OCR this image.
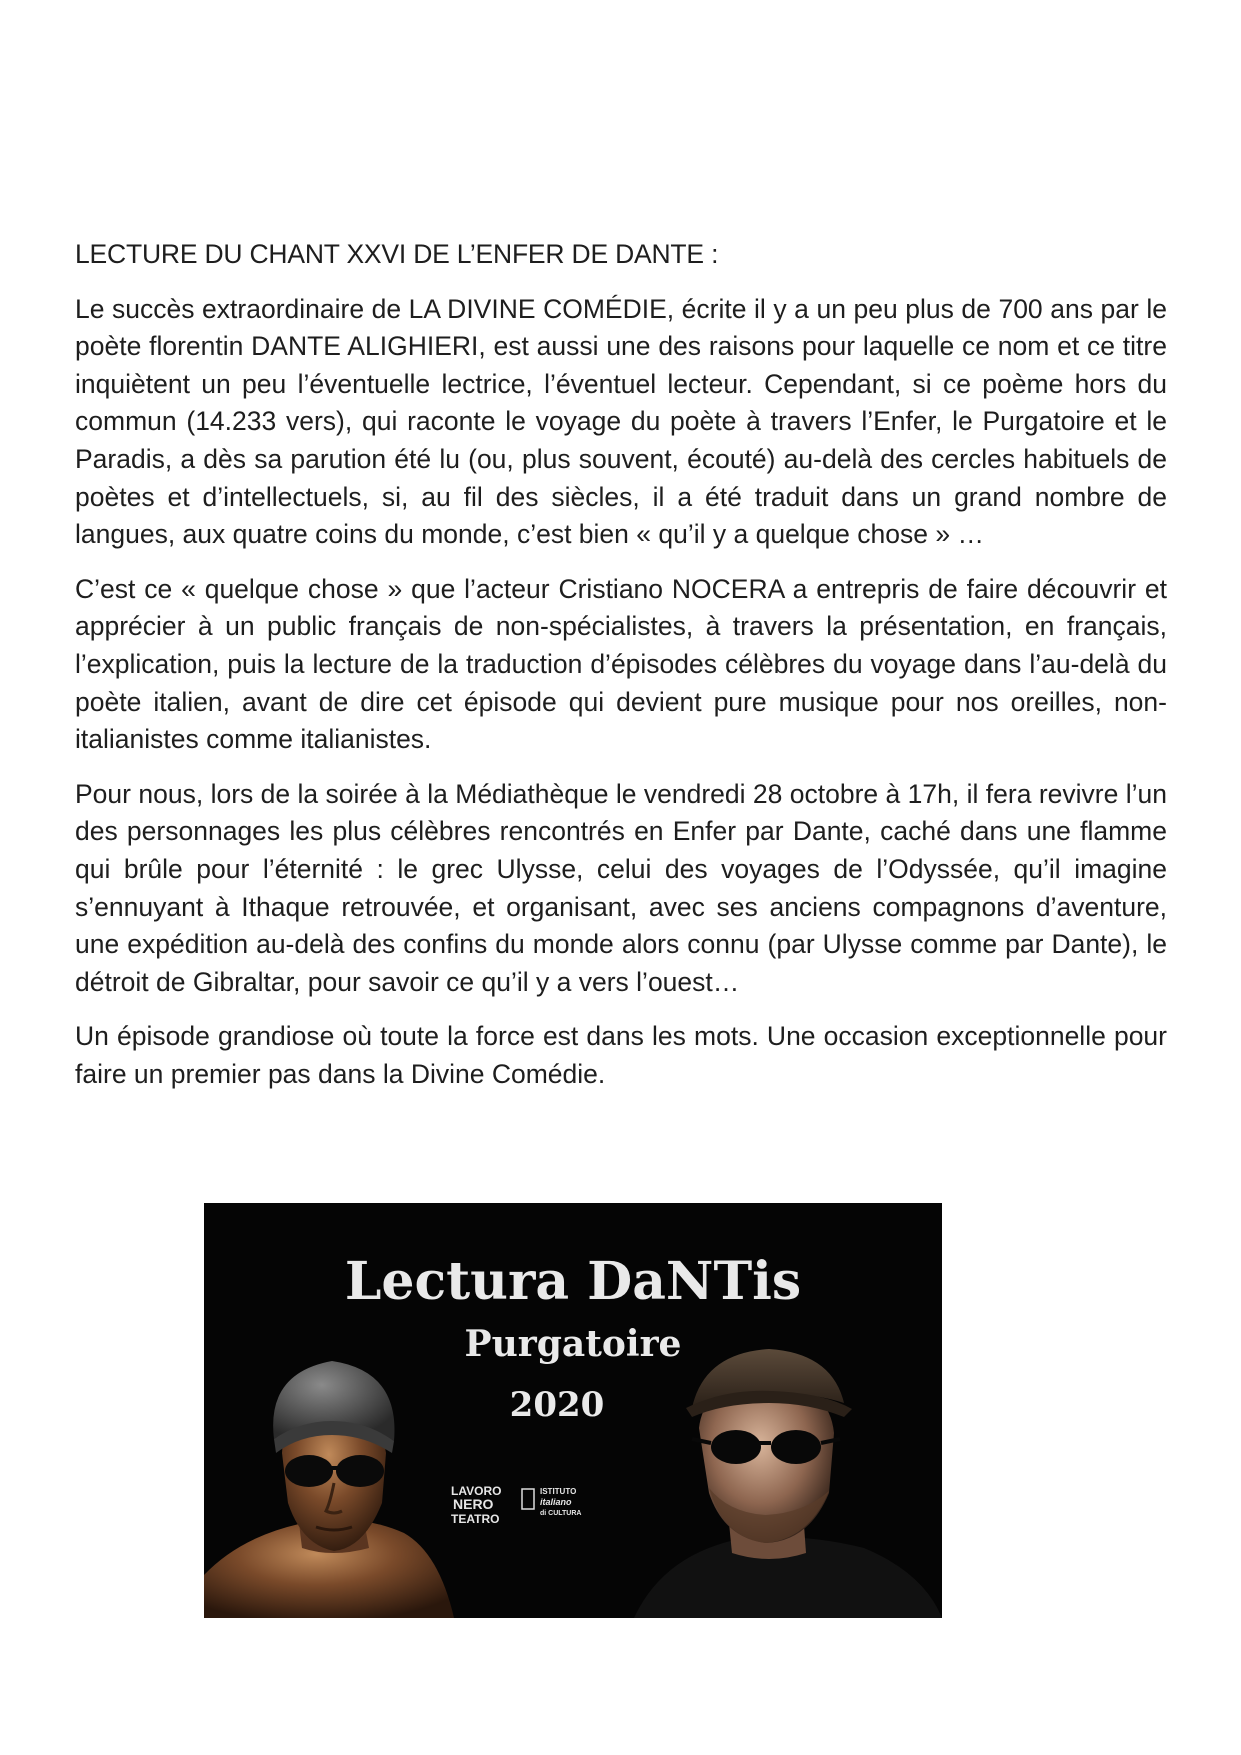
LECTURE DU CHANT XXVI DE L’ENFER DE DANTE :

Le succès extraordinaire de LA DIVINE COMÉDIE, écrite il y a un peu plus de 700 ans par le poète florentin DANTE ALIGHIERI, est aussi une des raisons pour laquelle ce nom et ce titre inquiètent un peu l’éventuelle lectrice, l’éventuel lecteur. Cependant, si ce poème hors du commun (14.233 vers), qui raconte le voyage du poète à travers l’Enfer, le Purgatoire et le Paradis, a dès sa parution été lu (ou, plus souvent, écouté) au-delà des cercles habituels de poètes et d’intellectuels, si, au fil des siècles, il a été traduit dans un grand nombre de langues, aux quatre coins du monde, c’est bien « qu’il y a quelque chose » …

C’est ce « quelque chose » que l’acteur Cristiano NOCERA a entrepris de faire découvrir et apprécier à un public français de non-spécialistes, à travers la présentation, en français, l’explication, puis la lecture de la traduction d’épisodes célèbres du voyage dans l’au-delà du poète italien, avant de dire cet épisode qui devient pure musique pour nos oreilles, non-italianistes comme italianistes.

Pour nous, lors de la soirée à la Médiathèque le vendredi 28 octobre à 17h, il fera revivre l’un des personnages les plus célèbres rencontrés en Enfer par Dante, caché dans une flamme qui brûle pour l’éternité : le grec Ulysse, celui des voyages de l’Odyssée, qu’il imagine s’ennuyant à Ithaque retrouvée, et organisant, avec ses anciens compagnons d’aventure, une expédition au-delà des confins du monde alors connu (par Ulysse comme par Dante), le détroit de Gibraltar, pour savoir ce qu’il y a vers l’ouest…

Un épisode grandiose où toute la force est dans les mots. Une occasion exceptionnelle pour faire un premier pas dans la Divine Comédie.

Lectura DaNTis
Purgatoire
2020
LAVORO
NERO
TEATRO
ISTITUTO
italiano
di CULTURA
